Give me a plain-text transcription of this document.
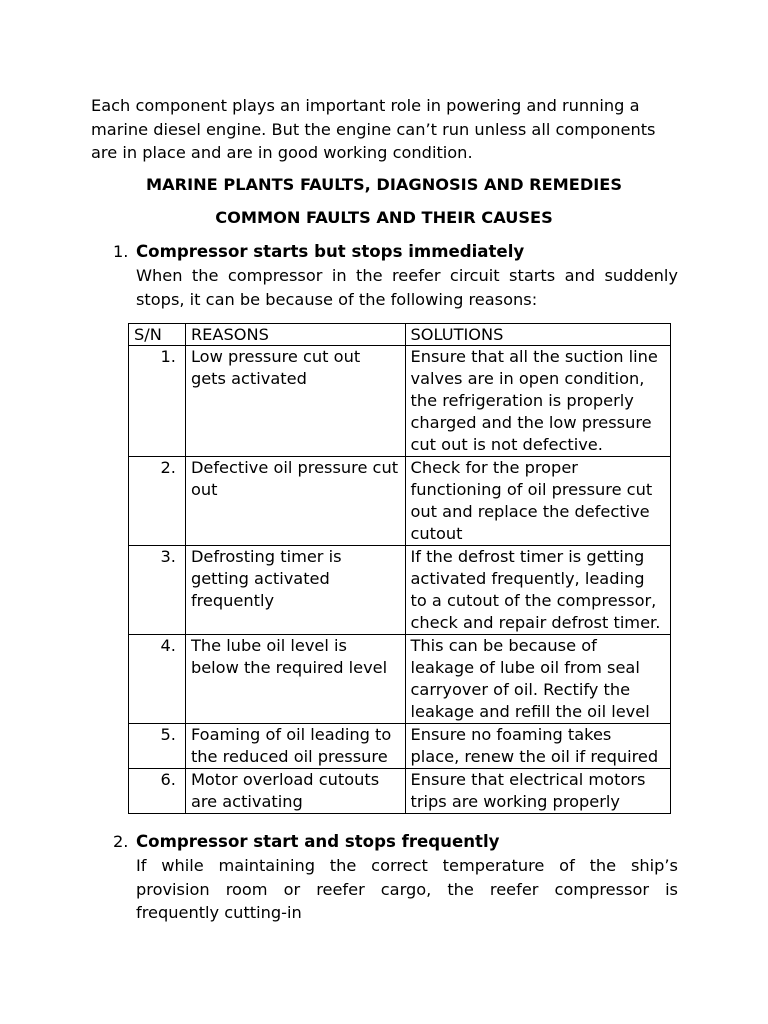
Each component plays an important role in powering and running a marine diesel engine. But the engine can’t run unless all components are in place and are in good working condition.

MARINE PLANTS FAULTS, DIAGNOSIS AND REMEDIES
COMMON FAULTS AND THEIR CAUSES
1. Compressor starts but stops immediately

When the compressor in the reefer circuit starts and suddenly stops, it can be because of the following reasons:

S/N	REASONS	SOLUTIONS
1.	Low pressure cut out gets activated	Ensure that all the suction line valves are in open condition, the refrigeration is properly charged and the low pressure cut out is not defective.
2.	Defective oil pressure cut out	Check for the proper functioning of oil pressure cut out and replace the defective cutout
3.	Defrosting timer is getting activated frequently	If the defrost timer is getting activated frequently, leading to a cutout of the compressor, check and repair defrost timer.
4.	The lube oil level is below the required level	This can be because of leakage of lube oil from seal carryover of oil. Rectify the leakage and refill the oil level
5.	Foaming of oil leading to the reduced oil pressure	Ensure no foaming takes place, renew the oil if required
6.	Motor overload cutouts are activating	Ensure that electrical motors trips are working properly
2. Compressor start and stops frequently

If while maintaining the correct temperature of the ship’s provision room or reefer cargo, the reefer compressor is frequently cutting-in
